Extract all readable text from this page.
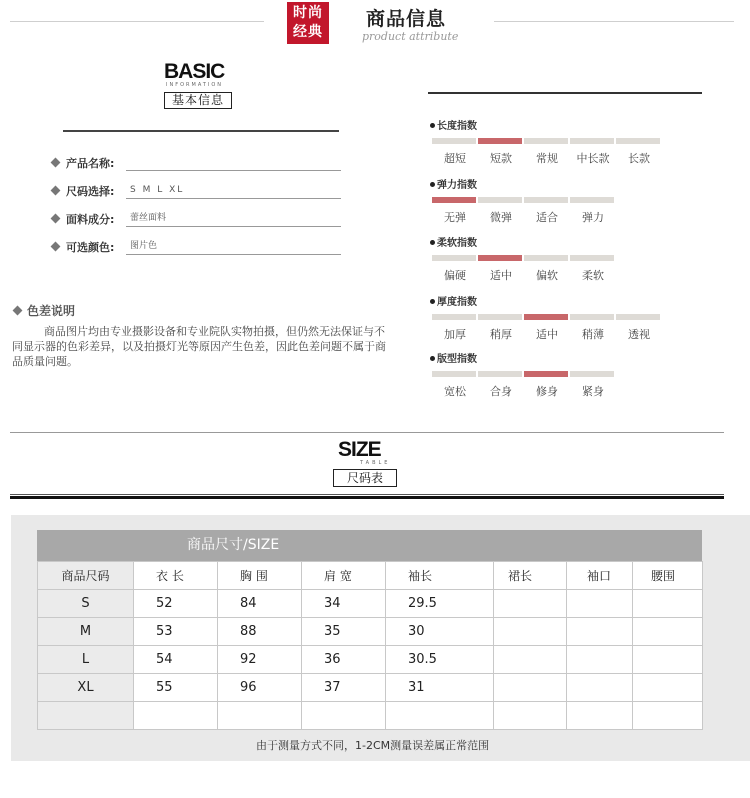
时尚
经典
商品信息
product attribute
BASIC
INFORMATION
基本信息
产品名称:
尺码选择:	S M L XL
面料成分:	蕾丝面料
可选颜色:	图片色
色差说明
商品图片均由专业摄影设备和专业院队实物拍摄，但仍然无法保证与不同显示器的色彩差异，以及拍摄灯光等原因产生色差，因此色差问题不属于商品质量问题。
长度指数
超短	短款	常规	中长款	长款
弹力指数
无弹	微弹	适合	弹力
柔软指数
偏硬	适中	偏软	柔软
厚度指数
加厚	稍厚	适中	稍薄	透视
版型指数
宽松	合身	修身	紧身
SIZE
TABLE
尺码表
商品尺寸/SIZE
商品尺码	衣 长	胸 围	肩 宽	袖长	裙长	袖口	腰围
S	52	84	34	29.5			
M	53	88	35	30			
L	54	92	36	30.5			
XL	55	96	37	31			

由于测量方式不同，1-2CM测量误差属正常范围
